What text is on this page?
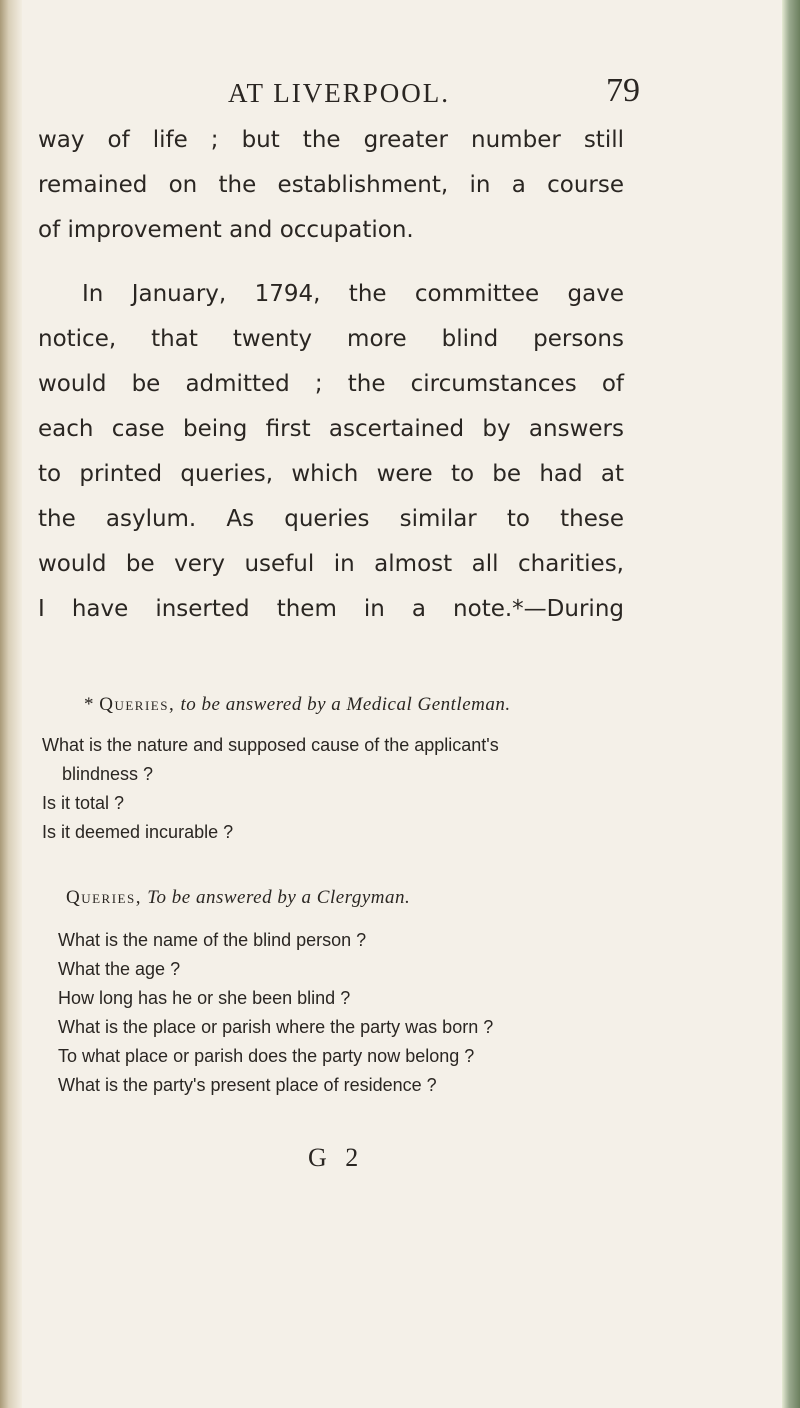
AT LIVERPOOL.	79
way of life ; but the greater number still
remained on the establishment, in a course
of improvement and occupation.
In January, 1794, the committee gave
notice, that twenty more blind persons
would be admitted ; the circumstances of
each case being first ascertained by answers
to printed queries, which were to be had at
the asylum. As queries similar to these
would be very useful in almost all charities,
I have inserted them in a note.*—During
* Queries, to be answered by a Medical Gentleman.
What is the nature and supposed cause of the applicant's
blindness ?
Is it total ?
Is it deemed incurable ?
Queries, To be answered by a Clergyman.
What is the name of the blind person ?
What the age ?
How long has he or she been blind ?
What is the place or parish where the party was born ?
To what place or parish does the party now belong ?
What is the party's present place of residence ?
G 2
